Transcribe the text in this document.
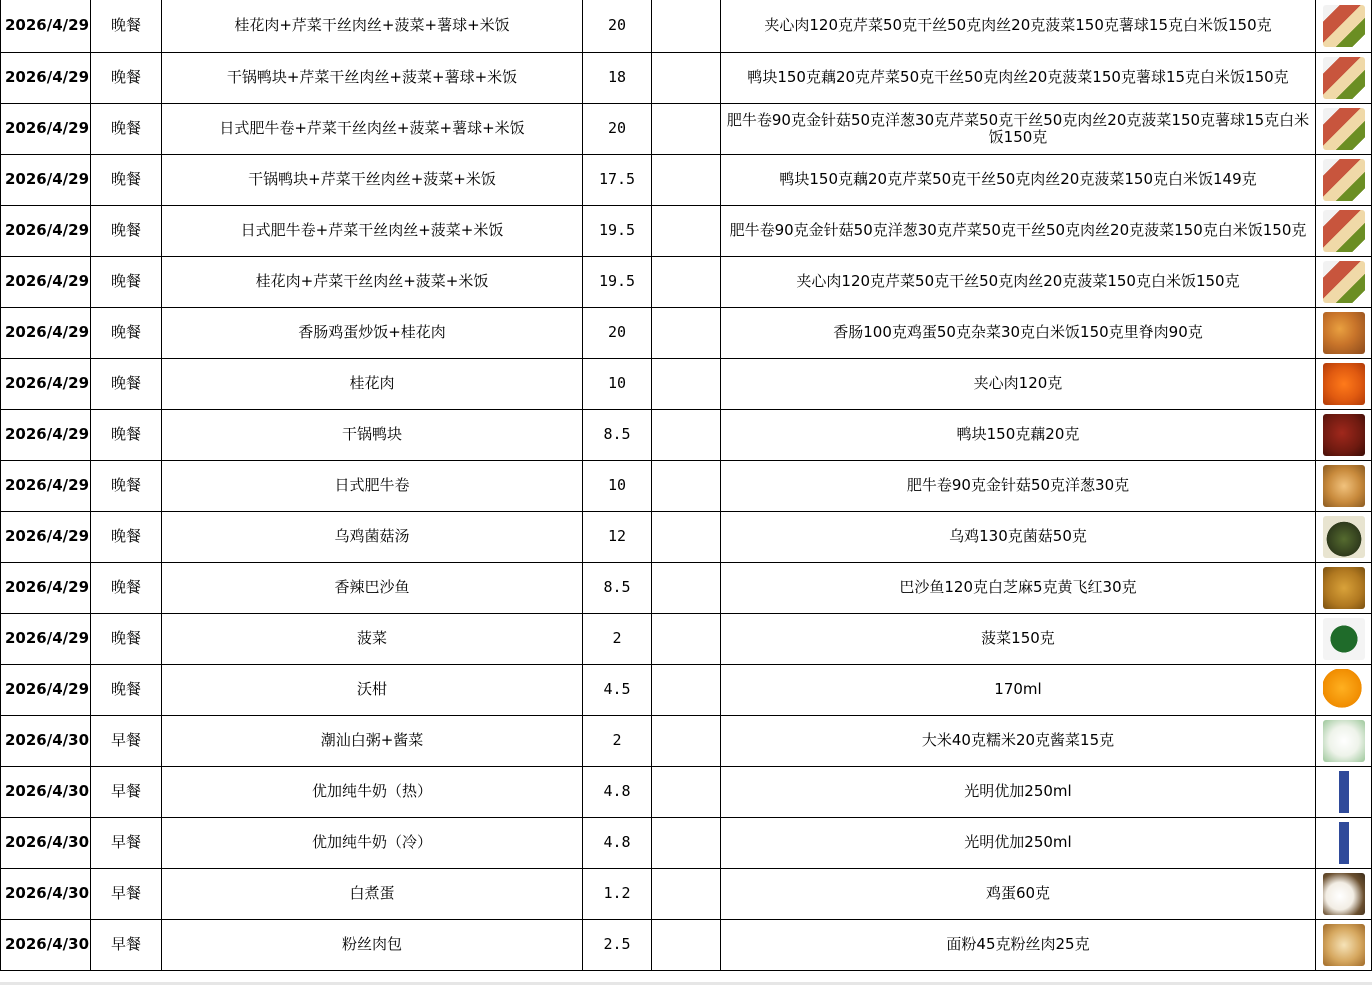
2026/4/29	晚餐	桂花肉+芹菜干丝肉丝+菠菜+薯球+米饭	20		夹心肉120克芹菜50克干丝50克肉丝20克菠菜150克薯球15克白米饭150克	

2026/4/29	晚餐	干锅鸭块+芹菜干丝肉丝+菠菜+薯球+米饭	18		鸭块150克藕20克芹菜50克干丝50克肉丝20克菠菜150克薯球15克白米饭150克	

2026/4/29	晚餐	日式肥牛卷+芹菜干丝肉丝+菠菜+薯球+米饭	20		肥牛卷90克金针菇50克洋葱30克芹菜50克干丝50克肉丝20克菠菜150克薯球15克白米饭150克	

2026/4/29	晚餐	干锅鸭块+芹菜干丝肉丝+菠菜+米饭	17.5		鸭块150克藕20克芹菜50克干丝50克肉丝20克菠菜150克白米饭149克	

2026/4/29	晚餐	日式肥牛卷+芹菜干丝肉丝+菠菜+米饭	19.5		肥牛卷90克金针菇50克洋葱30克芹菜50克干丝50克肉丝20克菠菜150克白米饭150克	

2026/4/29	晚餐	桂花肉+芹菜干丝肉丝+菠菜+米饭	19.5		夹心肉120克芹菜50克干丝50克肉丝20克菠菜150克白米饭150克	

2026/4/29	晚餐	香肠鸡蛋炒饭+桂花肉	20		香肠100克鸡蛋50克杂菜30克白米饭150克里脊肉90克	

2026/4/29	晚餐	桂花肉	10		夹心肉120克	

2026/4/29	晚餐	干锅鸭块	8.5		鸭块150克藕20克	

2026/4/29	晚餐	日式肥牛卷	10		肥牛卷90克金针菇50克洋葱30克	

2026/4/29	晚餐	乌鸡菌菇汤	12		乌鸡130克菌菇50克	

2026/4/29	晚餐	香辣巴沙鱼	8.5		巴沙鱼120克白芝麻5克黄飞红30克	

2026/4/29	晚餐	菠菜	2		菠菜150克	

2026/4/29	晚餐	沃柑	4.5		170ml	

2026/4/30	早餐	潮汕白粥+酱菜	2		大米40克糯米20克酱菜15克	

2026/4/30	早餐	优加纯牛奶（热）	4.8		光明优加250ml	

2026/4/30	早餐	优加纯牛奶（冷）	4.8		光明优加250ml	

2026/4/30	早餐	白煮蛋	1.2		鸡蛋60克	

2026/4/30	早餐	粉丝肉包	2.5		面粉45克粉丝肉25克	
